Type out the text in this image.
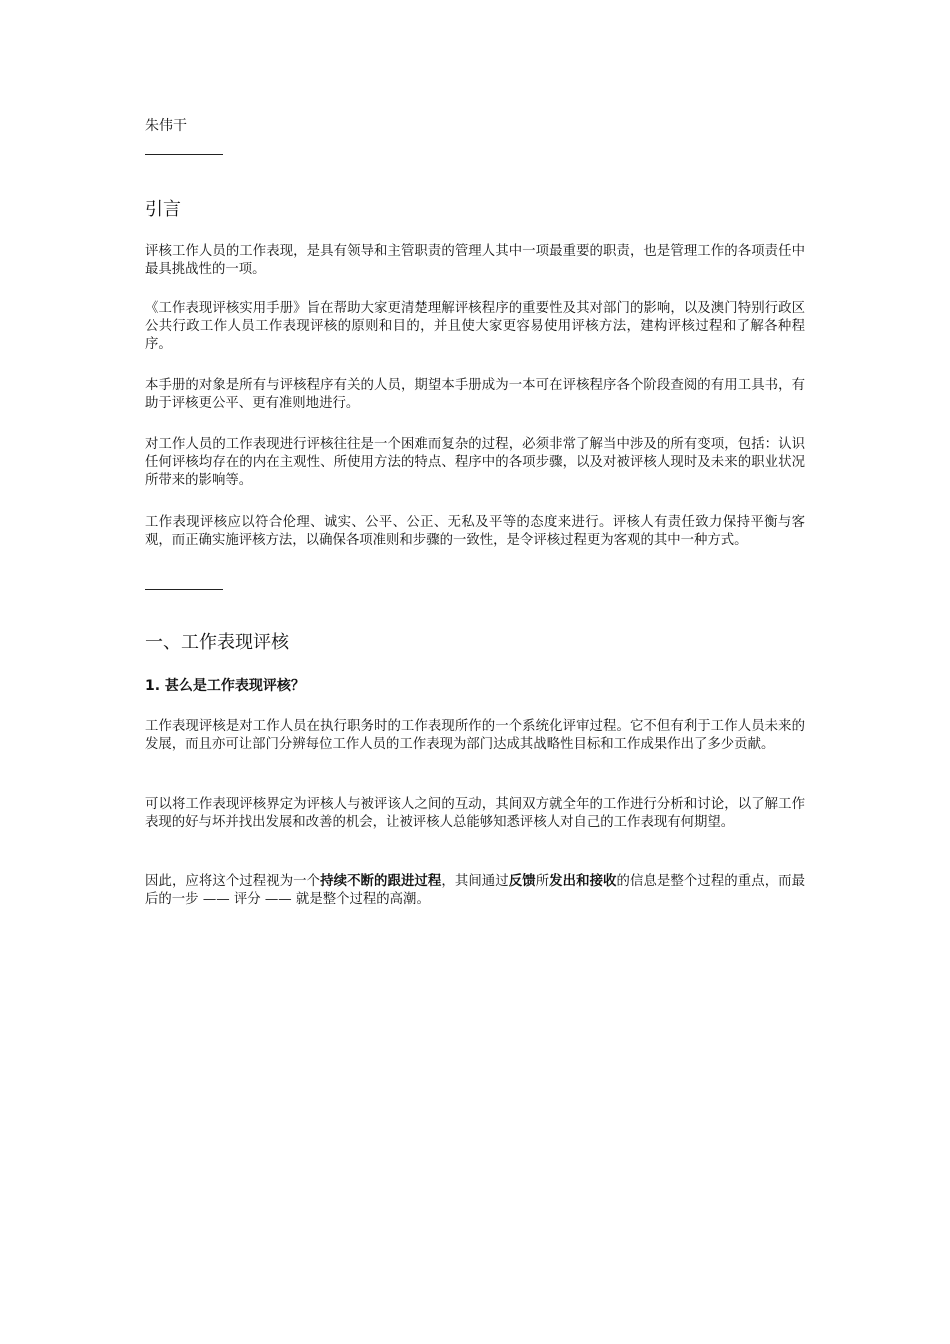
朱伟干
引言

评核工作人员的工作表现，是具有领导和主管职责的管理人其中一项最重要的职责，也是管理工作的各项责任中最具挑战性的一项。

《工作表现评核实用手册》旨在帮助大家更清楚理解评核程序的重要性及其对部门的影响，以及澳门特别行政区公共行政工作人员工作表现评核的原则和目的，并且使大家更容易使用评核方法，建构评核过程和了解各种程序。

本手册的对象是所有与评核程序有关的人员，期望本手册成为一本可在评核程序各个阶段查阅的有用工具书，有助于评核更公平、更有准则地进行。

对工作人员的工作表现进行评核往往是一个困难而复杂的过程，必须非常了解当中涉及的所有变项，包括：认识任何评核均存在的内在主观性、所使用方法的特点、程序中的各项步骤，以及对被评核人现时及未来的职业状况所带来的影响等。

工作表现评核应以符合伦理、诚实、公平、公正、无私及平等的态度来进行。评核人有责任致力保持平衡与客观，而正确实施评核方法，以确保各项准则和步骤的一致性，是令评核过程更为客观的其中一种方式。

一、工作表现评核
1. 甚么是工作表现评核？

工作表现评核是对工作人员在执行职务时的工作表现所作的一个系统化评审过程。它不但有利于工作人员未来的发展，而且亦可让部门分辨每位工作人员的工作表现为部门达成其战略性目标和工作成果作出了多少贡献。

可以将工作表现评核界定为评核人与被评该人之间的互动，其间双方就全年的工作进行分析和讨论，以了解工作表现的好与坏并找出发展和改善的机会，让被评核人总能够知悉评核人对自己的工作表现有何期望。

因此，应将这个过程视为一个持续不断的跟进过程，其间通过反馈所发出和接收的信息是整个过程的重点，而最后的一步 —— 评分 —— 就是整个过程的高潮。
